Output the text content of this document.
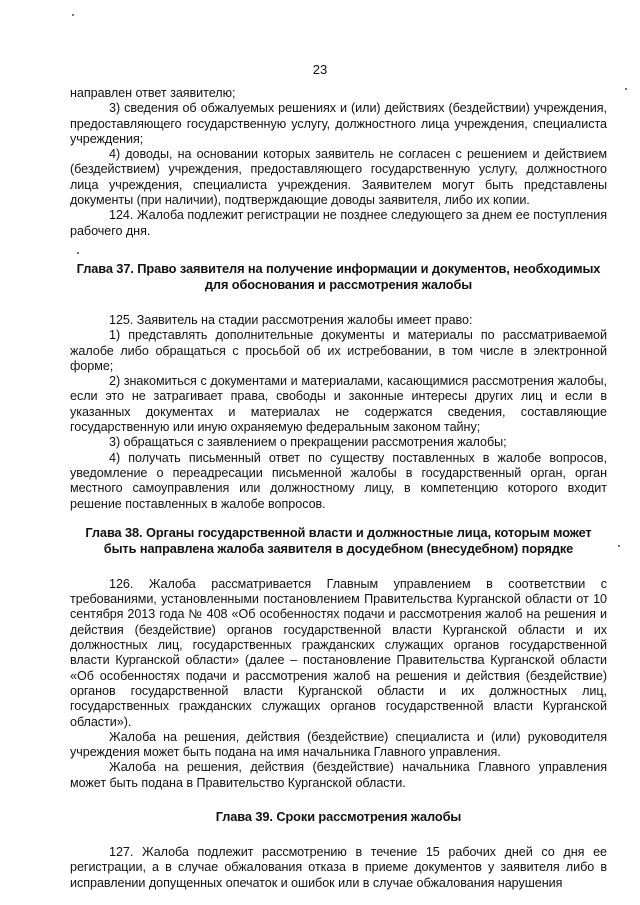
23

направлен ответ заявителю;

3) сведения об обжалуемых решениях и (или) действиях (бездействии) учреждения, предоставляющего государственную услугу, должностного лица учреждения, специалиста учреждения;

4) доводы, на основании которых заявитель не согласен с решением и действием (бездействием) учреждения, предоставляющего государственную услугу, должностного лица учреждения, специалиста учреждения. Заявителем могут быть представлены документы (при наличии), подтверждающие доводы заявителя, либо их копии.

124. Жалоба подлежит регистрации не позднее следующего за днем ее поступления рабочего дня.

Глава 37. Право заявителя на получение информации и документов, необходимых для обоснования и рассмотрения жалобы

125. Заявитель на стадии рассмотрения жалобы имеет право:

1) представлять дополнительные документы и материалы по рассматриваемой жалобе либо обращаться с просьбой об их истребовании, в том числе в электронной форме;

2) знакомиться с документами и материалами, касающимися рассмотрения жалобы, если это не затрагивает права, свободы и законные интересы других лиц и если в указанных документах и материалах не содержатся сведения, составляющие государственную или иную охраняемую федеральным законом тайну;

3) обращаться с заявлением о прекращении рассмотрения жалобы;

4) получать письменный ответ по существу поставленных в жалобе вопросов, уведомление о переадресации письменной жалобы в государственный орган, орган местного самоуправления или должностному лицу, в компетенцию которого входит решение поставленных в жалобе вопросов.

Глава 38. Органы государственной власти и должностные лица, которым может быть направлена жалоба заявителя в досудебном (внесудебном) порядке

126. Жалоба рассматривается Главным управлением в соответствии с требованиями, установленными постановлением Правительства Курганской области от 10 сентября 2013 года № 408 «Об особенностях подачи и рассмотрения жалоб на решения и действия (бездействие) органов государственной власти Курганской области и их должностных лиц, государственных гражданских служащих органов государственной власти Курганской области» (далее – постановление Правительства Курганской области «Об особенностях подачи и рассмотрения жалоб на решения и действия (бездействие) органов государственной власти Курганской области и их должностных лиц, государственных гражданских служащих органов государственной власти Курганской области»).

Жалоба на решения, действия (бездействие) специалиста и (или) руководителя учреждения может быть подана на имя начальника Главного управления.

Жалоба на решения, действия (бездействие) начальника Главного управления может быть подана в Правительство Курганской области.

Глава 39. Сроки рассмотрения жалобы

127. Жалоба подлежит рассмотрению в течение 15 рабочих дней со дня ее регистрации, а в случае обжалования отказа в приеме документов у заявителя либо в исправлении допущенных опечаток и ошибок или в случае обжалования нарушения
